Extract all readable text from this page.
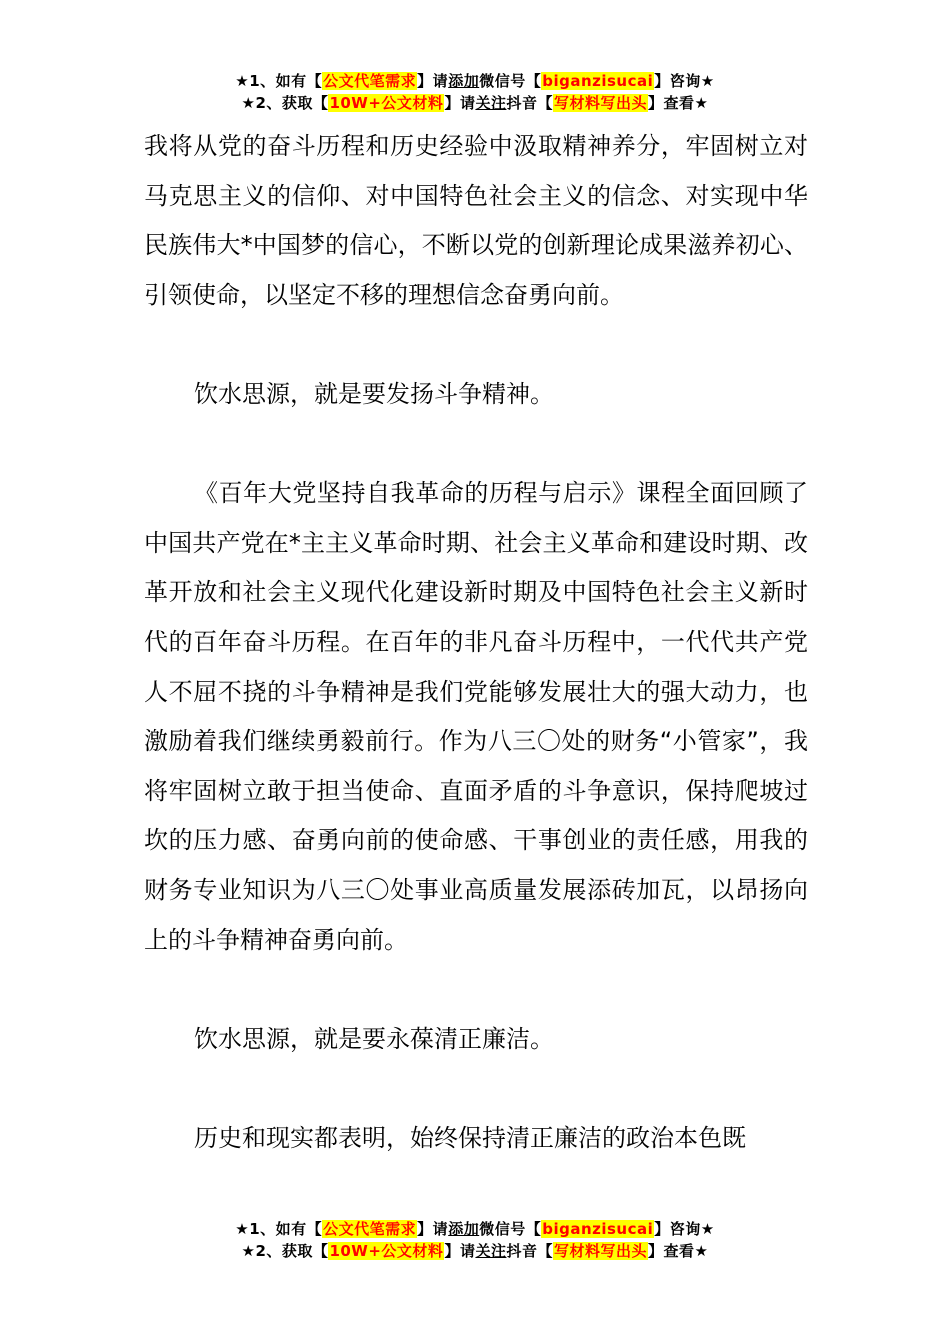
★1、如有【公文代笔需求】请添加微信号【biganzisucai】咨询★
★2、获取【10W+公文材料】请关注抖音【写材料写出头】查看★

我将从党的奋斗历程和历史经验中汲取精神养分，牢固树立对马克思主义的信仰、对中国特色社会主义的信念、对实现中华民族伟大*中国梦的信心，不断以党的创新理论成果滋养初心、引领使命，以坚定不移的理想信念奋勇向前。

饮水思源，就是要发扬斗争精神。

《百年大党坚持自我革命的历程与启示》课程全面回顾了中国共产党在*主主义革命时期、社会主义革命和建设时期、改革开放和社会主义现代化建设新时期及中国特色社会主义新时代的百年奋斗历程。在百年的非凡奋斗历程中，一代代共产党人不屈不挠的斗争精神是我们党能够发展壮大的强大动力，也激励着我们继续勇毅前行。作为八三〇处的财务“小管家”，我将牢固树立敢于担当使命、直面矛盾的斗争意识，保持爬坡过坎的压力感、奋勇向前的使命感、干事创业的责任感，用我的财务专业知识为八三〇处事业高质量发展添砖加瓦，以昂扬向上的斗争精神奋勇向前。

饮水思源，就是要永葆清正廉洁。

历史和现实都表明，始终保持清正廉洁的政治本色既

★1、如有【公文代笔需求】请添加微信号【biganzisucai】咨询★
★2、获取【10W+公文材料】请关注抖音【写材料写出头】查看★
